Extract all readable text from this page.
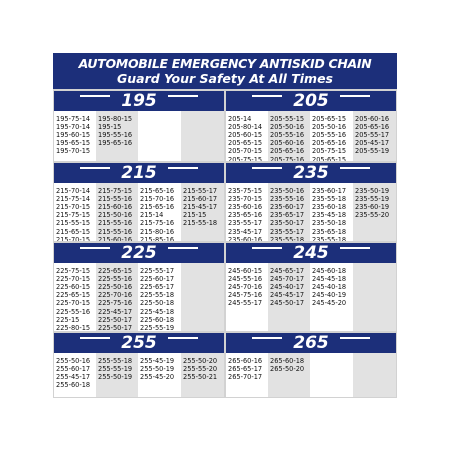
AUTOMOBILE EMERGENCY ANTISKID CHAIN
Guard Your Safety At All Times
195
195-75-14
195-70-14
195-60-15
195-65-15
195-70-15
195-80-15
195-15
195-55-16
195-65-16
205
205-14
205-80-14
205-60-15
205-65-15
205-70-15
205-75-15
205-55-15
205-50-16
205-55-16
205-60-16
205-65-16
205-75-16
205-65-15
205-50-16
205-55-16
205-65-16
205-75-15
205-65-15
205-60-16
205-65-16
205-55-17
205-45-17
205-55-19
215
215-70-14
215-75-14
215-70-15
215-75-15
215-55-15
215-65-15
215-70-15
215-75-15
215-55-16
215-60-16
215-50-16
215-55-16
215-55-16
215-60-16
215-65-16
215-70-16
215-65-16
215-14
215-75-16
215-80-16
215-85-16
215-55-17
215-60-17
215-45-17
215-15
215-55-18
235
235-75-15
235-70-15
235-60-16
235-65-16
235-55-17
235-45-17
235-60-16
235-50-16
235-55-16
235-60-17
235-65-17
235-50-17
235-55-17
235-55-18
235-60-17
235-55-18
235-60-18
235-45-18
235-50-18
235-65-18
235-55-18
235-50-19
235-55-19
235-60-19
235-55-20
225
225-75-15
225-70-15
225-60-15
225-65-15
225-70-15
225-55-16
225-15
225-80-15
225-65-15
225-55-16
225-50-16
225-70-16
225-75-16
225-45-17
225-50-17
225-50-17
225-55-17
225-60-17
225-65-17
225-55-18
225-50-18
225-45-18
225-60-18
225-55-19
245
245-60-15
245-55-16
245-70-16
245-75-16
245-55-17
245-65-17
245-70-17
245-40-17
245-45-17
245-50-17
245-60-18
245-45-18
245-40-18
245-40-19
245-45-20
255
255-50-16
255-60-17
255-45-17
255-60-18
255-55-18
255-55-19
255-50-19
255-45-19
255-50-19
255-45-20
255-50-20
255-55-20
255-50-21
265
265-60-16
265-65-17
265-70-17
265-60-18
265-50-20
